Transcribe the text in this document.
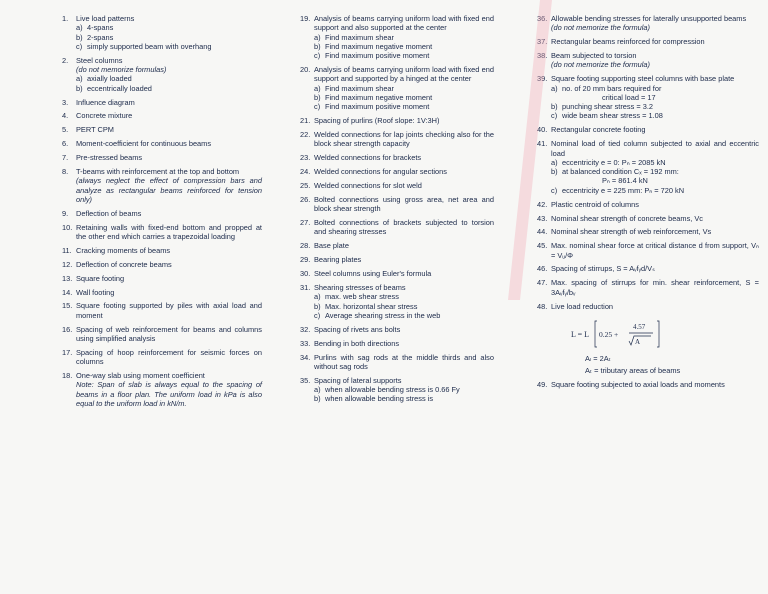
1. Live load patterns
a) 4-spans
b) 2-spans
c) simply supported beam with overhang
2. Steel columns
(do not memorize formulas)
a) axially loaded
b) eccentrically loaded
3. Influence diagram
4. Concrete mixture
5. PERT CPM
6. Moment-coefficient for continuous beams
7. Pre-stressed beams
8. T-beams with reinforcement at the top and bottom
(always neglect the effect of compression bars and analyze as rectangular beams reinforced for tension only)
9. Deflection of beams
10. Retaining walls with fixed-end bottom and propped at the other end which carries a trapezoidal loading
11. Cracking moments of beams
12. Deflection of concrete beams
13. Square footing
14. Wall footing
15. Square footing supported by piles with axial load and moment
16. Spacing of web reinforcement for beams and columns using simplified analysis
17. Spacing of hoop reinforcement for seismic forces on columns
18. One-way slab using moment coefficient
Note: Span of slab is always equal to the spacing of beams in a floor plan. The uniform load in kPa is also equal to the uniform load in kN/m.
19. Analysis of beams carrying uniform load with fixed end support and also supported at the center
a) Find maximum shear
b) Find maximum negative moment
c) Find maximum positive moment
20. Analysis of beams carrying uniform load with fixed end support and supported by a hinged at the center
a) Find maximum shear
b) Find maximum negative moment
c) Find maximum positive moment
21. Spacing of purlins (Roof slope: 1V:3H)
22. Welded connections for lap joints checking also for the block shear strength capacity
23. Welded connections for brackets
24. Welded connections for angular sections
25. Welded connections for slot weld
26. Bolted connections using gross area, net area and block shear strength
27. Bolted connections of brackets subjected to torsion and shearing stresses
28. Base plate
29. Bearing plates
30. Steel columns using Euler's formula
31. Shearing stresses of beams
a) max. web shear stress
b) Max. horizontal shear stress
c) Average shearing stress in the web
32. Spacing of rivets ans bolts
33. Bending in both directions
34. Purlins with sag rods at the middle thirds and also without sag rods
35. Spacing of lateral supports
a) when allowable bending stress is 0.66 Fy
b) when allowable bending stress is
36. Allowable bending stresses for laterally unsupported beams
(do not memorize the formula)
37. Rectangular beams reinforced for compression
38. Beam subjected to torsion
(do not memorize the formula)
39. Square footing supporting steel columns with base plate
a) no. of 20 mm bars required for
critical load = 17
b) punching shear stress = 3.2
c) wide beam shear stress = 1.08
40. Rectangular concrete footing
41. Nominal load of tied column subjected to axial and eccentric load
a) eccentricity e = 0: Pₙ = 2085 kN
b) at balanced condition Cₓ = 192 mm:
Pₙ = 861.4 kN
c) eccentricity e = 225 mm: Pₙ = 720 kN
42. Plastic centroid of columns
43. Nominal shear strength of concrete beams, Vc
44. Nominal shear strength of web reinforcement, Vs
45. Max. nominal shear force at critical distance d from support, Vₙ = Vᵤ/Φ
46. Spacing of stirrups, S = Aᵥfᵧd/Vₛ
47. Max. spacing of stirrups for min. shear reinforcement, S = 3Aᵥfᵧ/bᵥ
48. Live load reduction
L = L 0.25 +
4.57
A
Aₗ = 2Aₜ
Aₜ = tributary areas of beams
49. Square footing subjected to axial loads and moments
